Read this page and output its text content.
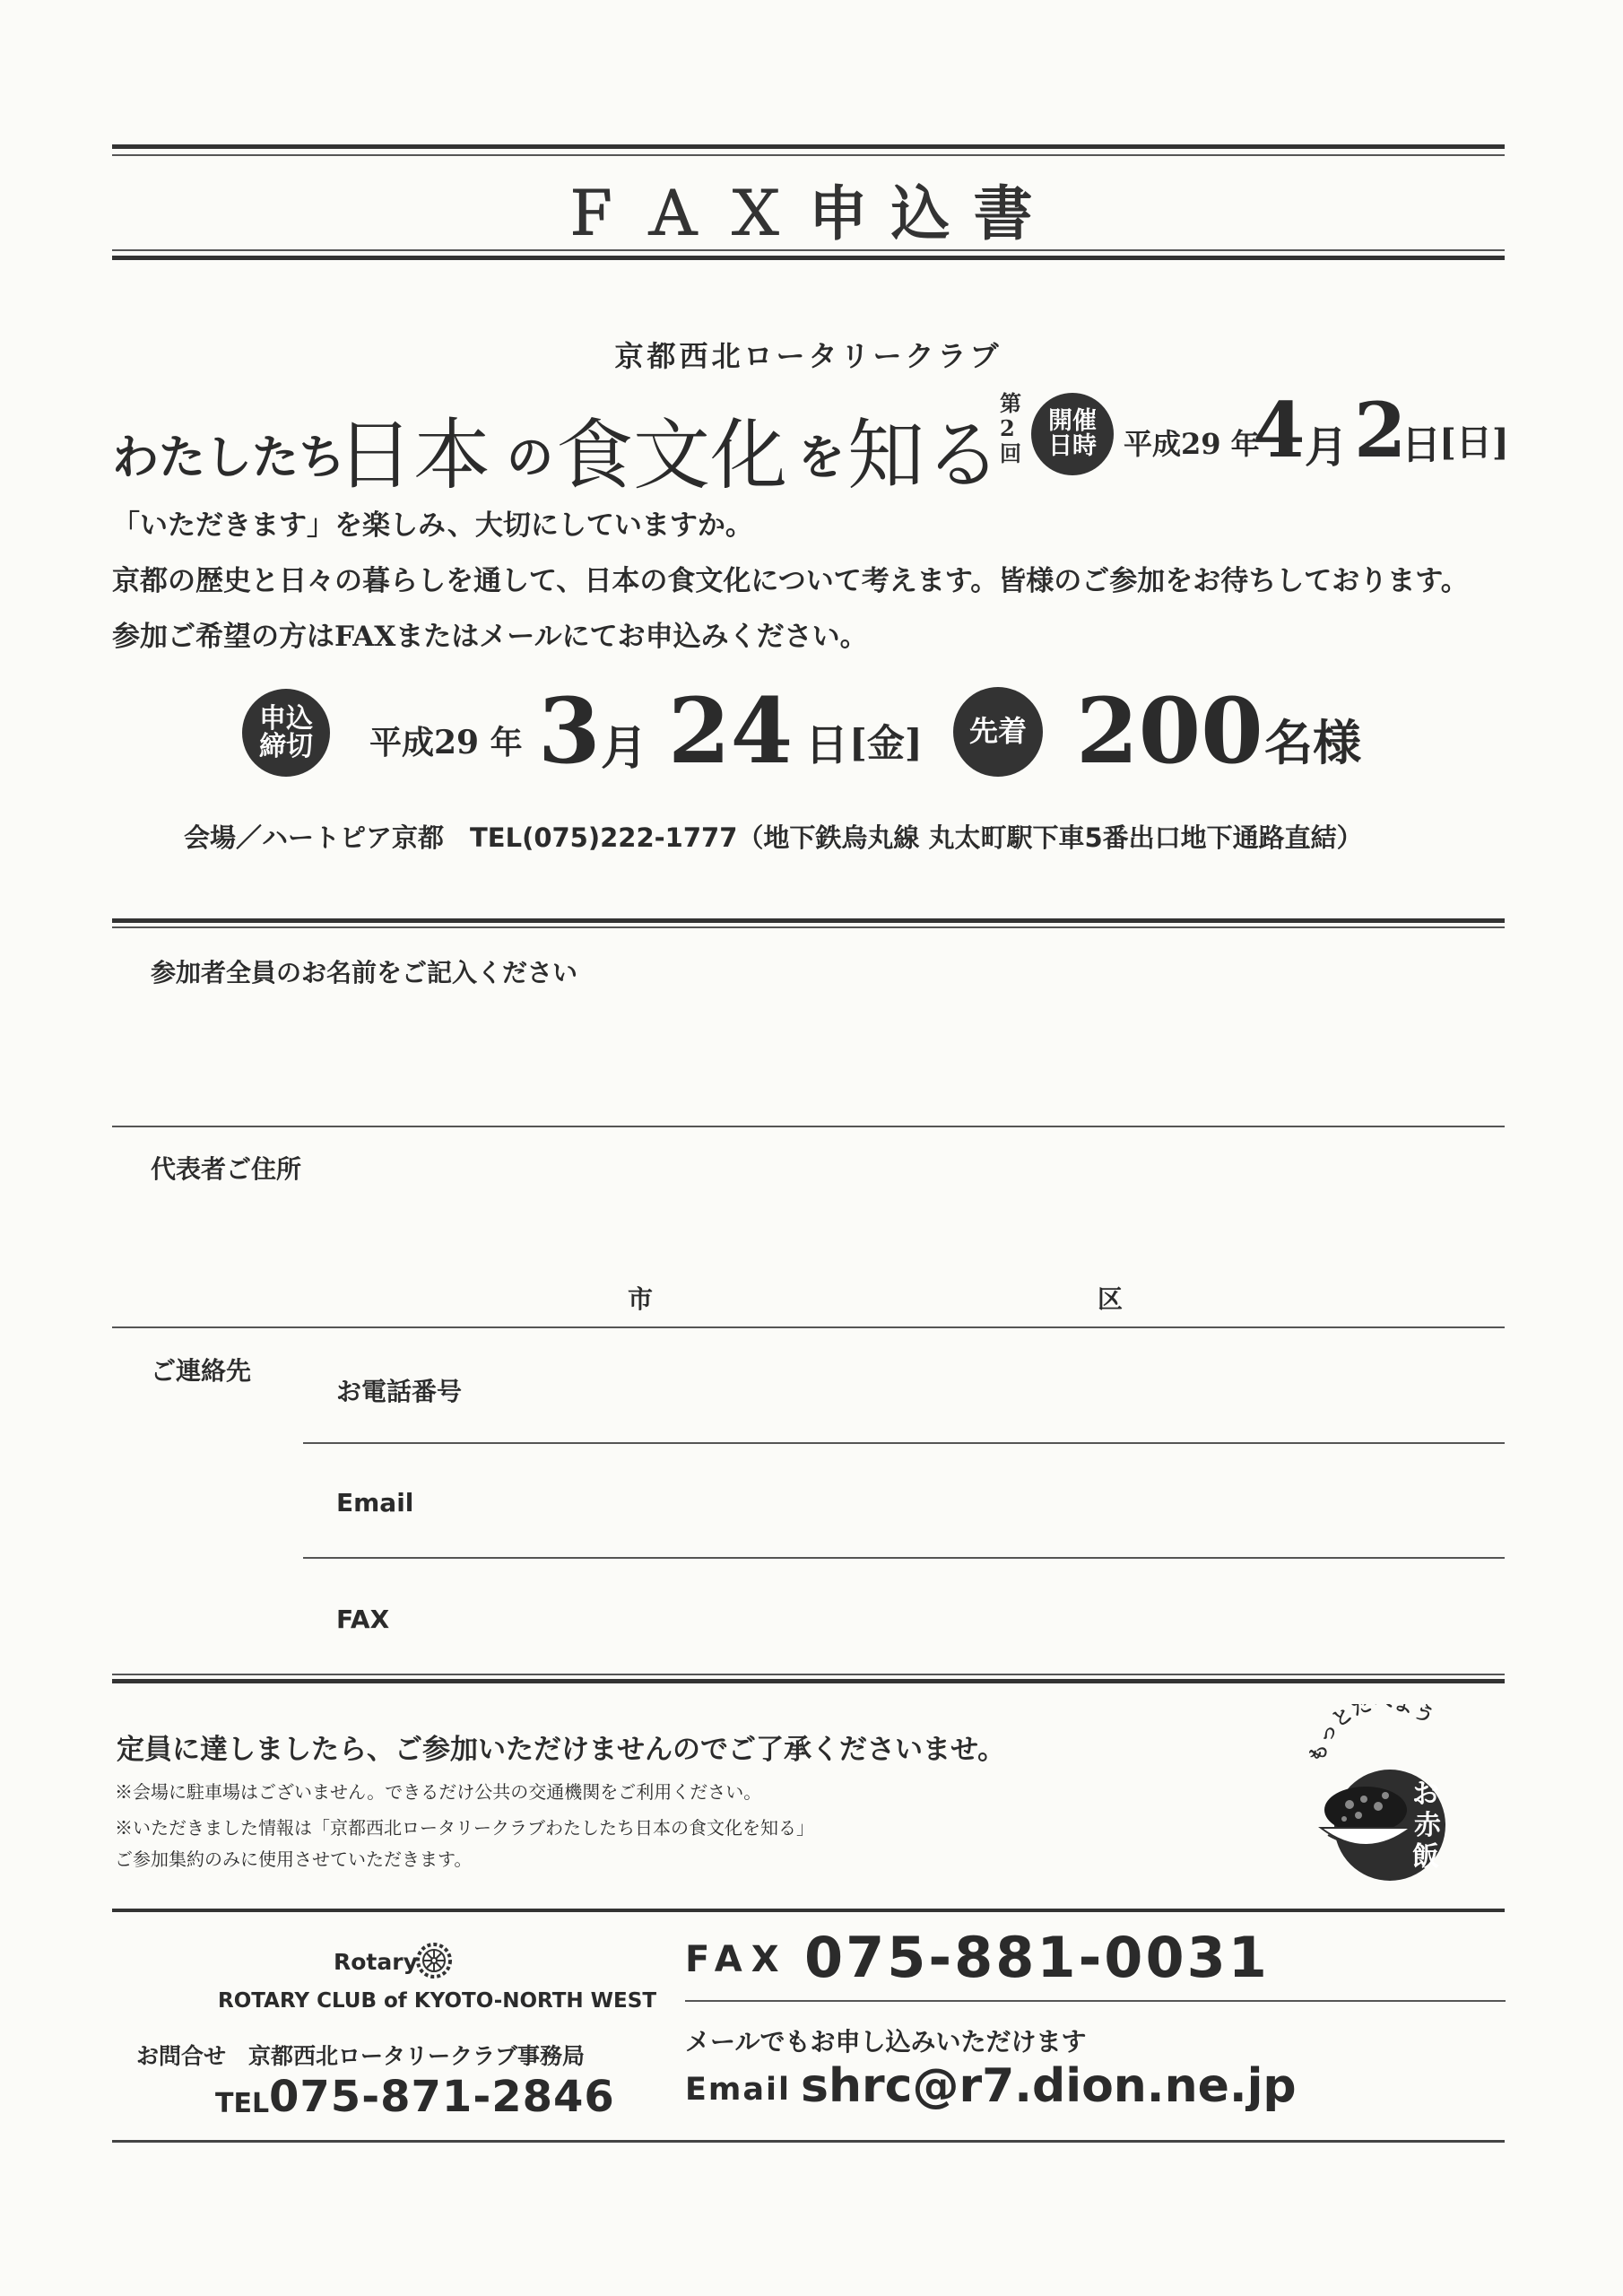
ＦＡＸ申込書
京都西北ロータリークラブ
わたしたち
日本 の 食文化 を 知る
第2回
開催日時 平成29 年
4 月 2
日
[日]
「いただきます」を楽しみ、大切にしていますか。
京都の歴史と日々の暮らしを通して、日本の食文化について考えます。皆様のご参加をお待ちしております。
参加ご希望の方はFAXまたはメールにてお申込みください。
申込締切 平成29 年 3 月 24 日 [金] 先着 200 名様
会場／ハートピア京都　TEL(075)222-1777（地下鉄烏丸線 丸太町駅下車5番出口地下通路直結）
参加者全員のお名前をご記入ください
代表者ご住所
市	区
ご連絡先
お電話番号
Email
FAX
定員に達しましたら、ご参加いただけませんのでご了承くださいませ。
※会場に駐車場はございません。できるだけ公共の交通機関をご利用ください。
※いただきました情報は「京都西北ロータリークラブわたしたち日本の食文化を知る」
ご参加集約のみに使用させていただきます。
もっとた よう
お
赤
飯
Rotary
ROTARY CLUB of KYOTO-NORTH WEST
お問合せ　京都西北ロータリークラブ事務局
TEL 075-871-2846
FAX 075-881-0031
メールでもお申し込みいただけます
Email shrc@r7.dion.ne.jp
